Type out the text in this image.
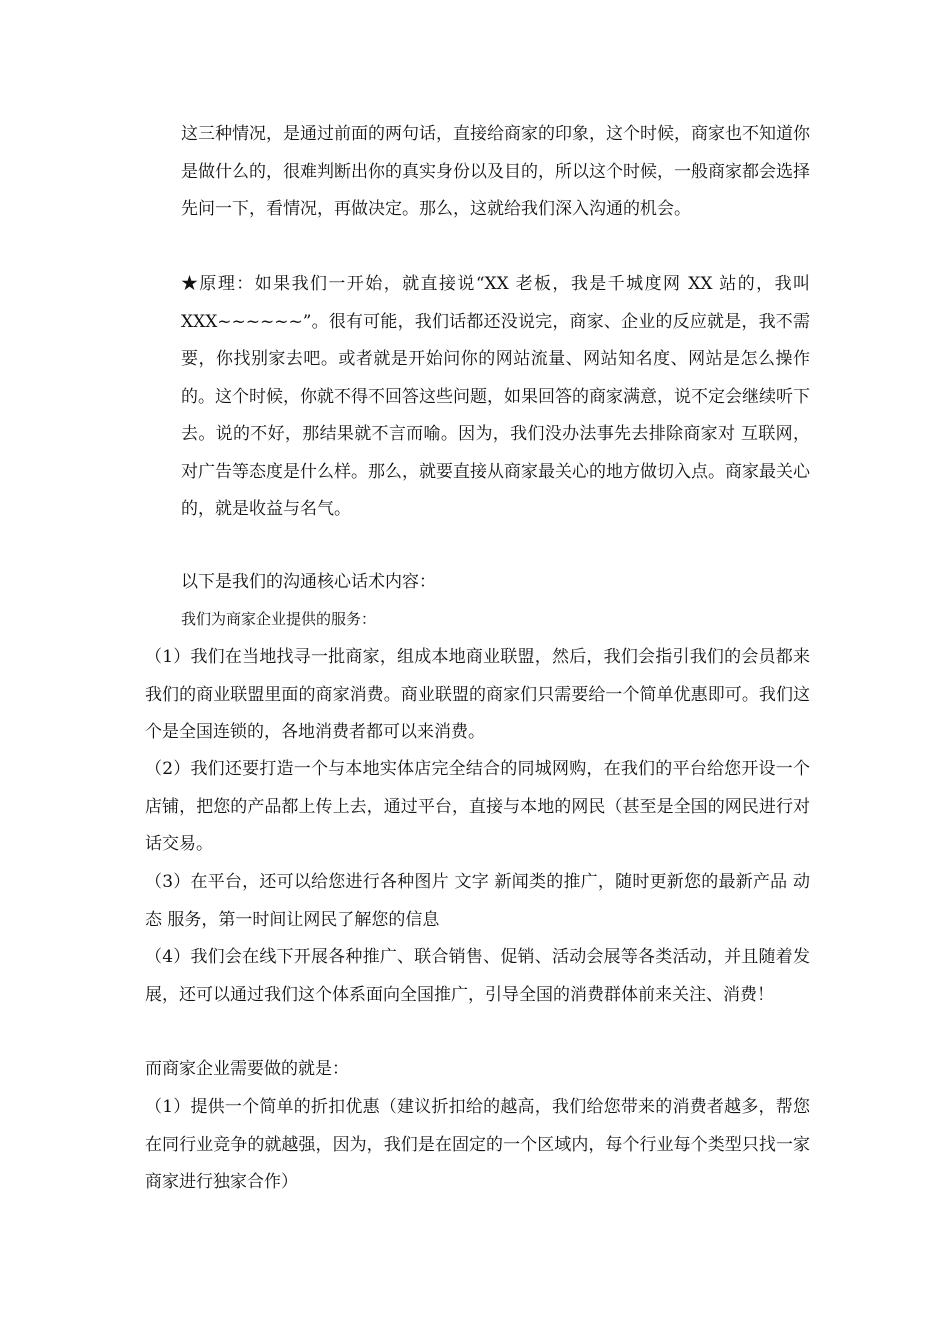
这三种情况，是通过前面的两句话，直接给商家的印象，这个时候，商家也不知道你是做什么的，很难判断出你的真实身份以及目的，所以这个时候，一般商家都会选择先问一下，看情况，再做决定。那么，这就给我们深入沟通的机会。

★原理：如果我们一开始，就直接说“XX 老板，我是千城度网 XX 站的，我叫 XXX~~~~~~”。很有可能，我们话都还没说完，商家、企业的反应就是，我不需要，你找别家去吧。或者就是开始问你的网站流量、网站知名度、网站是怎么操作的。这个时候，你就不得不回答这些问题，如果回答的商家满意，说不定会继续听下去。说的不好，那结果就不言而喻。因为，我们没办法事先去排除商家对 互联网，对广告等态度是什么样。那么，就要直接从商家最关心的地方做切入点。商家最关心的，就是收益与名气。

以下是我们的沟通核心话术内容：

我们为商家企业提供的服务：

（1）我们在当地找寻一批商家，组成本地商业联盟，然后，我们会指引我们的会员都来我们的商业联盟里面的商家消费。商业联盟的商家们只需要给一个简单优惠即可。我们这个是全国连锁的，各地消费者都可以来消费。

（2）我们还要打造一个与本地实体店完全结合的同城网购，在我们的平台给您开设一个店铺，把您的产品都上传上去，通过平台，直接与本地的网民（甚至是全国的网民进行对话交易。

（3）在平台，还可以给您进行各种图片 文字 新闻类的推广，随时更新您的最新产品 动态 服务，第一时间让网民了解您的信息

（4）我们会在线下开展各种推广、联合销售、促销、活动会展等各类活动，并且随着发展，还可以通过我们这个体系面向全国推广，引导全国的消费群体前来关注、消费！

而商家企业需要做的就是：

（1）提供一个简单的折扣优惠（建议折扣给的越高，我们给您带来的消费者越多，帮您在同行业竞争的就越强，因为，我们是在固定的一个区域内，每个行业每个类型只找一家商家进行独家合作）
